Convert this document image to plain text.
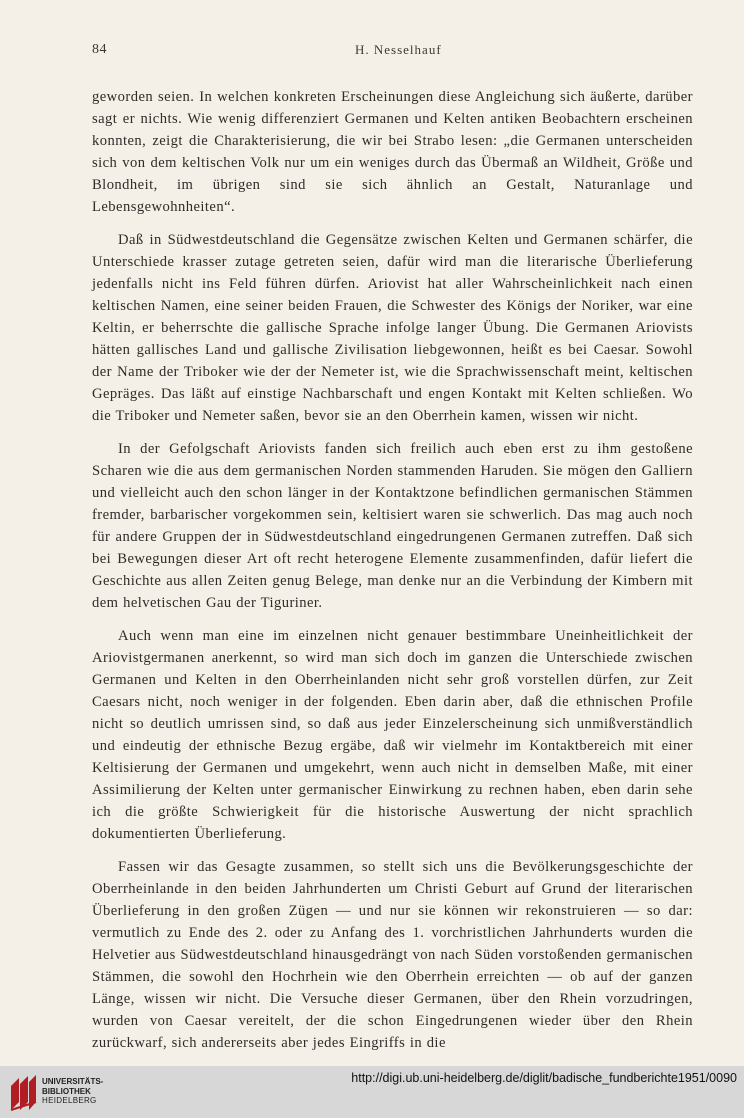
84	H. Nesselhauf

geworden seien. In welchen konkreten Erscheinungen diese Angleichung sich äußerte, darüber sagt er nichts. Wie wenig differenziert Germanen und Kelten antiken Beobachtern erscheinen konnten, zeigt die Charakterisierung, die wir bei Strabo lesen: „die Germanen unterscheiden sich von dem keltischen Volk nur um ein weniges durch das Übermaß an Wildheit, Größe und Blondheit, im übrigen sind sie sich ähnlich an Gestalt, Naturanlage und Lebensgewohnheiten“.

Daß in Südwestdeutschland die Gegensätze zwischen Kelten und Germanen schärfer, die Unterschiede krasser zutage getreten seien, dafür wird man die literarische Überlieferung jedenfalls nicht ins Feld führen dürfen. Ariovist hat aller Wahrscheinlichkeit nach einen keltischen Namen, eine seiner beiden Frauen, die Schwester des Königs der Noriker, war eine Keltin, er beherrschte die gallische Sprache infolge langer Übung. Die Germanen Ariovists hätten gallisches Land und gallische Zivilisation liebgewonnen, heißt es bei Caesar. Sowohl der Name der Triboker wie der der Nemeter ist, wie die Sprachwissenschaft meint, keltischen Gepräges. Das läßt auf einstige Nachbarschaft und engen Kontakt mit Kelten schließen. Wo die Triboker und Nemeter saßen, bevor sie an den Oberrhein kamen, wissen wir nicht.

In der Gefolgschaft Ariovists fanden sich freilich auch eben erst zu ihm gestoßene Scharen wie die aus dem germanischen Norden stammenden Haruden. Sie mögen den Galliern und vielleicht auch den schon länger in der Kontaktzone befindlichen germanischen Stämmen fremder, barbarischer vorgekommen sein, keltisiert waren sie schwerlich. Das mag auch noch für andere Gruppen der in Südwestdeutschland eingedrungenen Germanen zutreffen. Daß sich bei Bewegungen dieser Art oft recht heterogene Elemente zusammenfinden, dafür liefert die Geschichte aus allen Zeiten genug Belege, man denke nur an die Verbindung der Kimbern mit dem helvetischen Gau der Tiguriner.

Auch wenn man eine im einzelnen nicht genauer bestimmbare Uneinheitlichkeit der Ariovistgermanen anerkennt, so wird man sich doch im ganzen die Unterschiede zwischen Germanen und Kelten in den Oberrheinlanden nicht sehr groß vorstellen dürfen, zur Zeit Caesars nicht, noch weniger in der folgenden. Eben darin aber, daß die ethnischen Profile nicht so deutlich umrissen sind, so daß aus jeder Einzelerscheinung sich unmißverständlich und eindeutig der ethnische Bezug ergäbe, daß wir vielmehr im Kontaktbereich mit einer Keltisierung der Germanen und umgekehrt, wenn auch nicht in demselben Maße, mit einer Assimilierung der Kelten unter germanischer Einwirkung zu rechnen haben, eben darin sehe ich die größte Schwierigkeit für die historische Auswertung der nicht sprachlich dokumentierten Überlieferung.

Fassen wir das Gesagte zusammen, so stellt sich uns die Bevölkerungsgeschichte der Oberrheinlande in den beiden Jahrhunderten um Christi Geburt auf Grund der literarischen Überlieferung in den großen Zügen — und nur sie können wir rekonstruieren — so dar: vermutlich zu Ende des 2. oder zu Anfang des 1. vorchristlichen Jahrhunderts wurden die Helvetier aus Südwestdeutschland hinausgedrängt von nach Süden vorstoßenden germanischen Stämmen, die sowohl den Hochrhein wie den Oberrhein erreichten — ob auf der ganzen Länge, wissen wir nicht. Die Versuche dieser Germanen, über den Rhein vorzudringen, wurden von Caesar vereitelt, der die schon Eingedrungenen wieder über den Rhein zurückwarf, sich andererseits aber jedes Eingriffs in die

UNIVERSITÄTS-
BIBLIOTHEK
HEIDELBERG
http://digi.ub.uni-heidelberg.de/diglit/badische_fundberichte1951/0090
